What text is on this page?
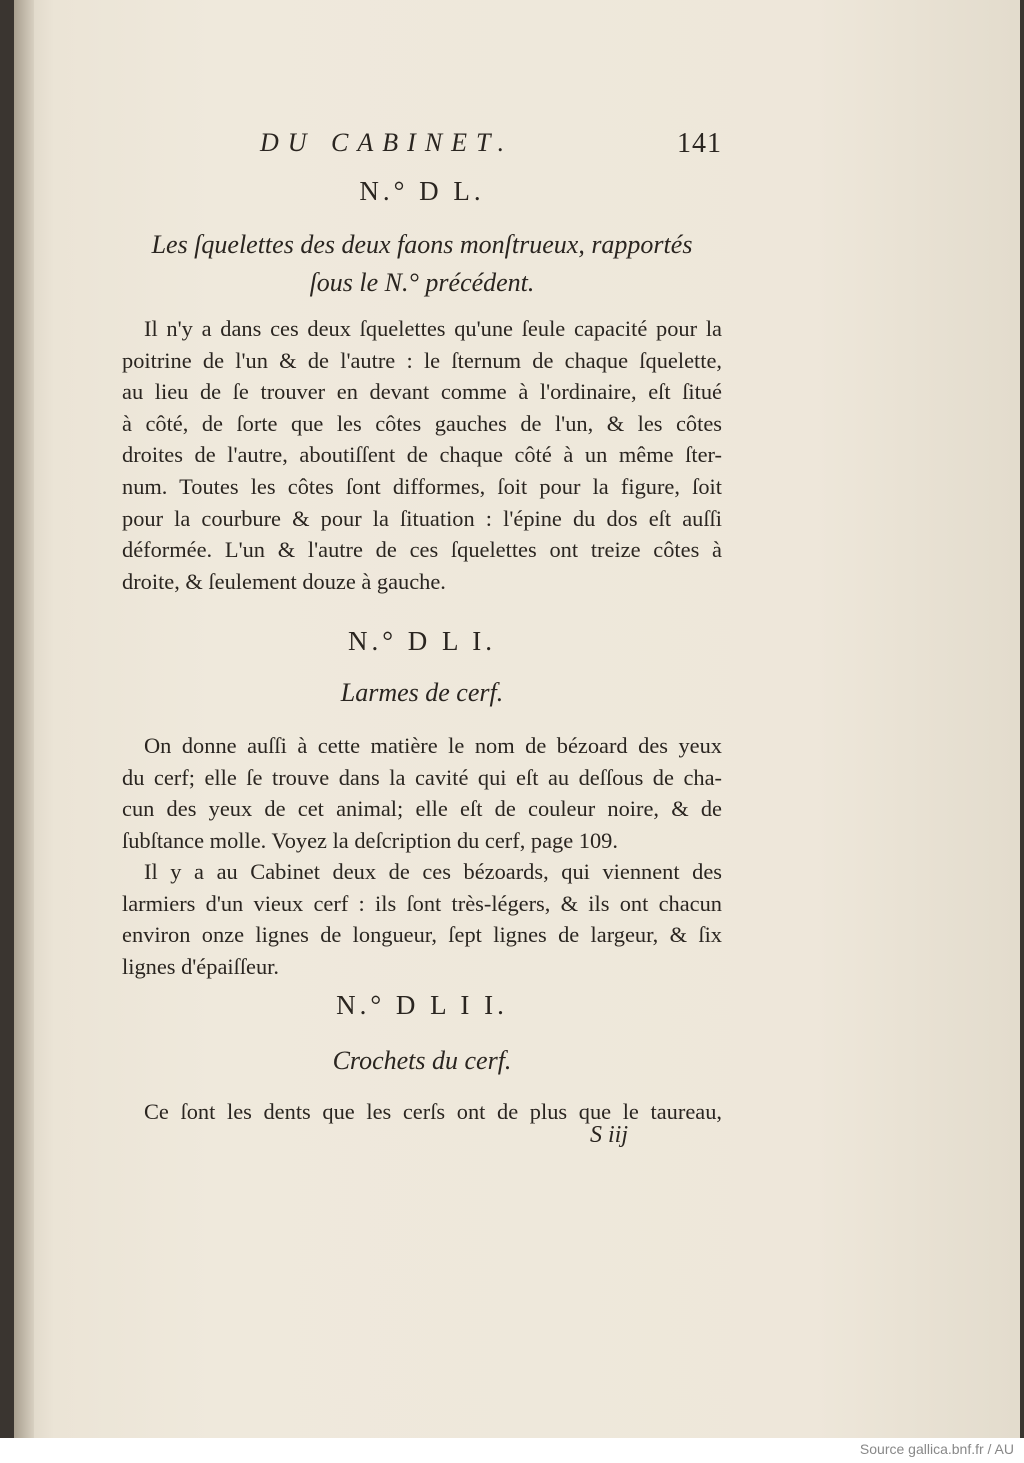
DU CABINET.	141
N.° D L.
Les ſquelettes des deux faons monſtrueux, rapportés
ſous le N.° précédent.
Il n'y a dans ces deux ſquelettes qu'une ſeule capacité pour la
poitrine de l'un & de l'autre : le ſternum de chaque ſquelette,
au lieu de ſe trouver en devant comme à l'ordinaire, eſt ſitué
à côté, de ſorte que les côtes gauches de l'un, & les côtes
droites de l'autre, aboutiſſent de chaque côté à un même ſter-
num. Toutes les côtes ſont difformes, ſoit pour la figure, ſoit
pour la courbure & pour la ſituation : l'épine du dos eſt auſſi
déformée. L'un & l'autre de ces ſquelettes ont treize côtes à
droite, & ſeulement douze à gauche.
N.° D L I.
Larmes de cerf.
On donne auſſi à cette matière le nom de bézoard des yeux
du cerf; elle ſe trouve dans la cavité qui eſt au deſſous de cha-
cun des yeux de cet animal; elle eſt de couleur noire, & de
ſubſtance molle. Voyez la deſcription du cerf, page 109.
Il y a au Cabinet deux de ces bézoards, qui viennent des
larmiers d'un vieux cerf : ils ſont très-légers, & ils ont chacun
environ onze lignes de longueur, ſept lignes de largeur, & ſix
lignes d'épaiſſeur.
N.° D L I I.
Crochets du cerf.
Ce ſont les dents que les cerſs ont de plus que le taureau,
S iij
Source gallica.bnf.fr / AU
